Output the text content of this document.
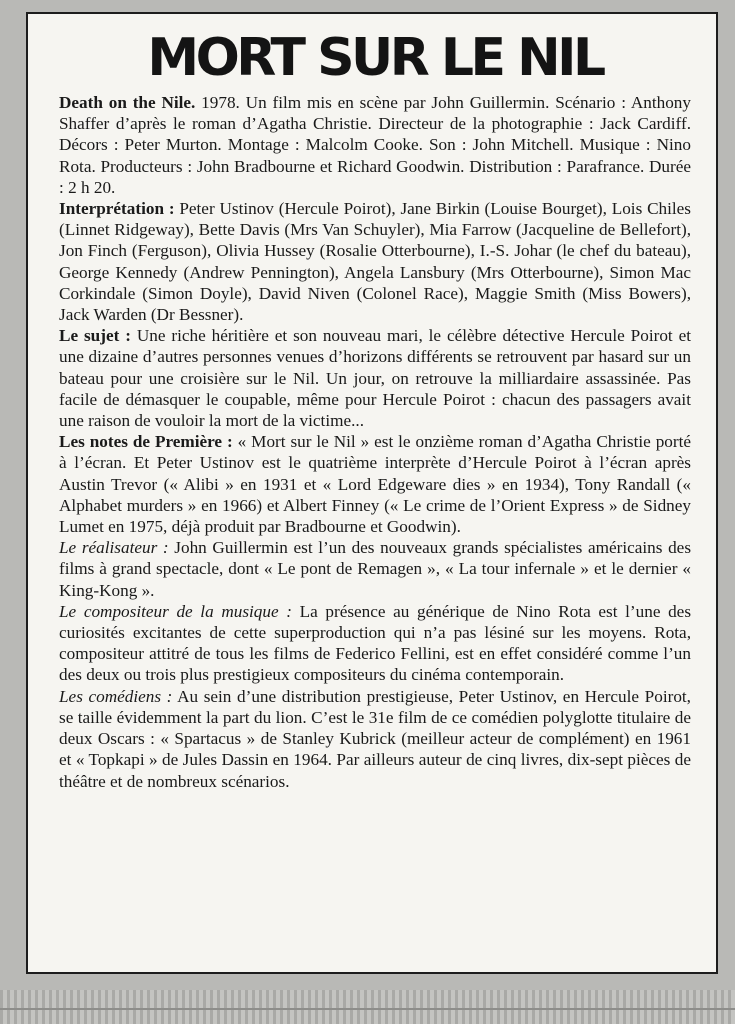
MORT SUR LE NIL

Death on the Nile. 1978. Un film mis en scène par John Guillermin. Scénario : Anthony Shaffer d’après le roman d’Agatha Christie. Directeur de la photographie : Jack Cardiff. Décors : Peter Murton. Montage : Malcolm Cooke. Son : John Mitchell. Musique : Nino Rota. Producteurs : John Bradbourne et Richard Goodwin. Distribution : Parafrance. Durée : 2 h 20.

Interprétation : Peter Ustinov (Hercule Poirot), Jane Birkin (Louise Bourget), Lois Chiles (Linnet Ridgeway), Bette Davis (Mrs Van Schuyler), Mia Farrow (Jacqueline de Bellefort), Jon Finch (Ferguson), Olivia Hussey (Rosalie Otterbourne), I.-S. Johar (le chef du bateau), George Kennedy (Andrew Pennington), Angela Lansbury (Mrs Otterbourne), Simon Mac Corkindale (Simon Doyle), David Niven (Colonel Race), Maggie Smith (Miss Bowers), Jack Warden (Dr Bessner).

Le sujet : Une riche héritière et son nouveau mari, le célèbre détective Hercule Poirot et une dizaine d’autres personnes venues d’horizons différents se retrouvent par hasard sur un bateau pour une croisière sur le Nil. Un jour, on retrouve la milliardaire assassinée. Pas facile de démasquer le coupable, même pour Hercule Poirot : chacun des passagers avait une raison de vouloir la mort de la victime...

Les notes de Première : « Mort sur le Nil » est le onzième roman d’Agatha Christie porté à l’écran. Et Peter Ustinov est le quatrième interprète d’Hercule Poirot à l’écran après Austin Trevor (« Alibi » en 1931 et « Lord Edgeware dies » en 1934), Tony Randall (« Alphabet murders » en 1966) et Albert Finney (« Le crime de l’Orient Express » de Sidney Lumet en 1975, déjà produit par Bradbourne et Goodwin).

Le réalisateur : John Guillermin est l’un des nouveaux grands spécialistes américains des films à grand spectacle, dont « Le pont de Remagen », « La tour infernale » et le dernier « King-Kong ».

Le compositeur de la musique : La présence au générique de Nino Rota est l’une des curiosités excitantes de cette superproduction qui n’a pas lésiné sur les moyens. Rota, compositeur attitré de tous les films de Federico Fellini, est en effet considéré comme l’un des deux ou trois plus prestigieux compositeurs du cinéma contemporain.

Les comédiens : Au sein d’une distribution prestigieuse, Peter Ustinov, en Hercule Poirot, se taille évidemment la part du lion. C’est le 31e film de ce comédien polyglotte titulaire de deux Oscars : « Spartacus » de Stanley Kubrick (meilleur acteur de complément) en 1961 et « Topkapi » de Jules Dassin en 1964. Par ailleurs auteur de cinq livres, dix-sept pièces de théâtre et de nombreux scénarios.
